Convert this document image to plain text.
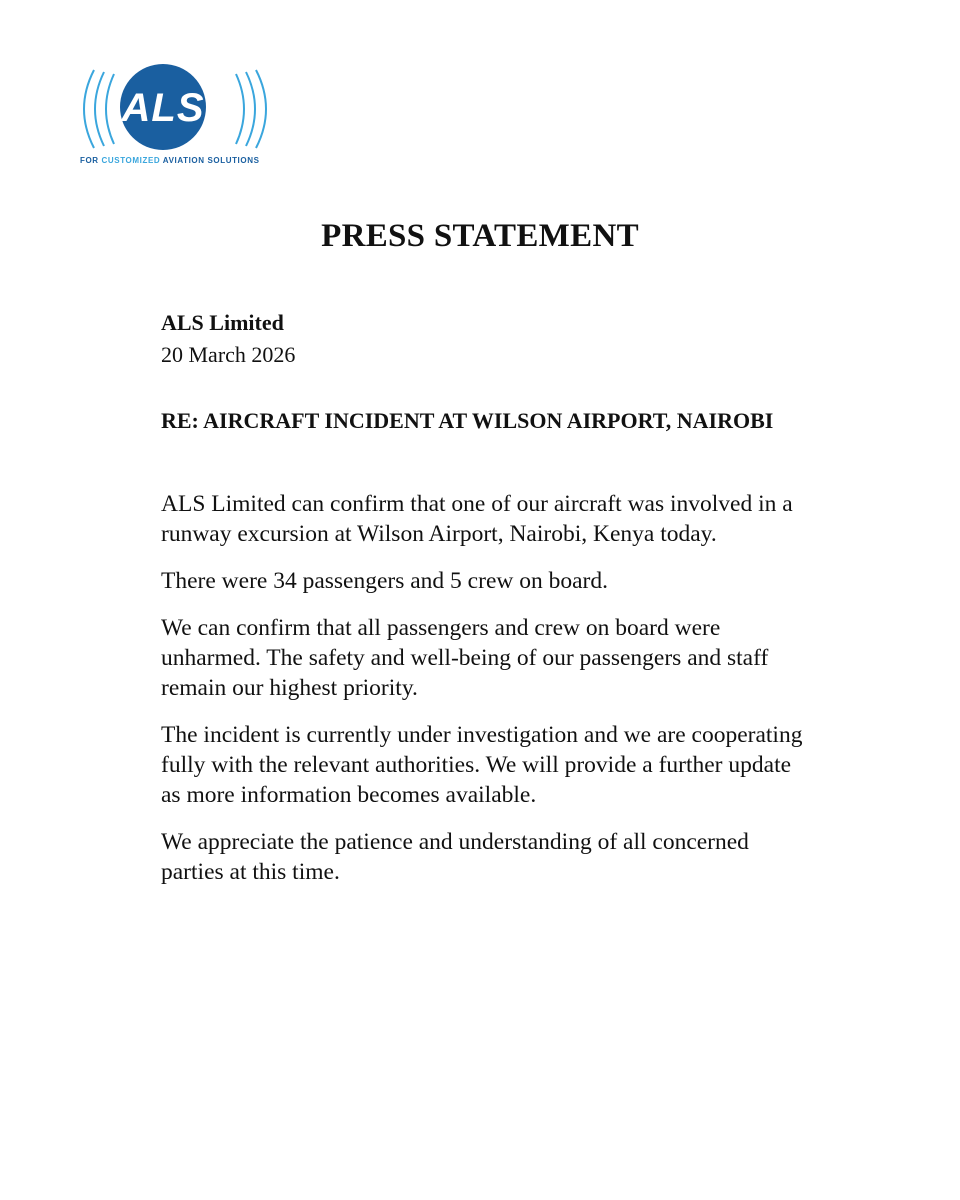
ALS
FOR CUSTOMIZED AVIATION SOLUTIONS
PRESS STATEMENT

ALS Limited

20 March 2026

RE: AIRCRAFT INCIDENT AT WILSON AIRPORT, NAIROBI

ALS Limited can confirm that one of our aircraft was involved in a runway excursion at Wilson Airport, Nairobi, Kenya today.

There were 34 passengers and 5 crew on board.

We can confirm that all passengers and crew on board were unharmed. The safety and well-being of our passengers and staff remain our highest priority.

The incident is currently under investigation and we are cooperating fully with the relevant authorities. We will provide a further update as more information becomes available.

We appreciate the patience and understanding of all concerned parties at this time.
